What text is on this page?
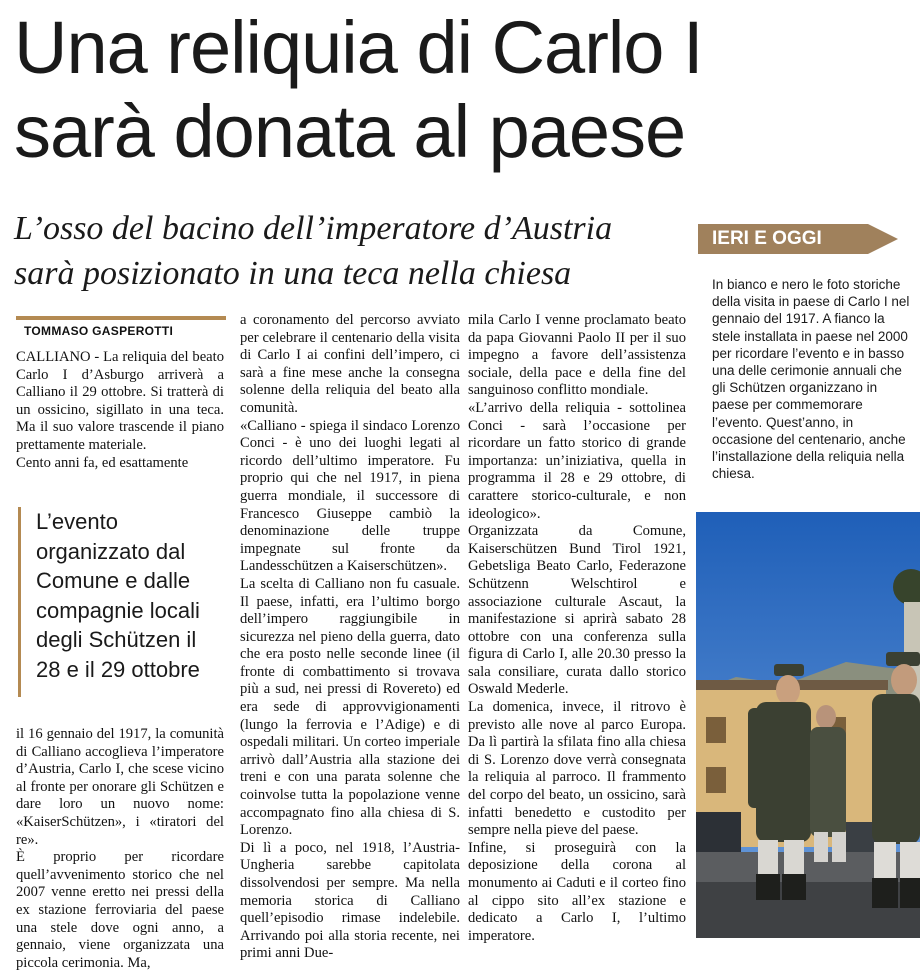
Una reliquia di Carlo I
sarà donata al paese
L’osso del bacino dell’imperatore d’Austria
sarà posizionato in una teca nella chiesa
TOMMASO GASPEROTTI

CALLIANO - La reliquia del beato Carlo I d’Asburgo arriverà a Calliano il 29 ottobre. Si tratterà di un ossicino, sigillato in una teca. Ma il suo valore trascende il piano prettamente materiale.

Cento anni fa, ed esattamente

L’evento organizzato dal Comune e dalle compagnie locali degli Schützen il 28 e il 29 ottobre

il 16 gennaio del 1917, la comunità di Calliano accoglieva l’imperatore d’Austria, Carlo I, che scese vicino al fronte per onorare gli Schützen e dare loro un nuovo nome: «KaiserSchützen», i «tiratori del re».

È proprio per ricordare quell’avvenimento storico che nel 2007 venne eretto nei pressi della ex stazione ferroviaria del paese una stele dove ogni anno, a gennaio, viene organizzata una piccola cerimonia. Ma,

a coronamento del percorso avviato per celebrare il centenario della visita di Carlo I ai confini dell’impero, ci sarà a fine mese anche la consegna solenne della reliquia del beato alla comunità.

«Calliano - spiega il sindaco Lorenzo Conci - è uno dei luoghi legati al ricordo dell’ultimo imperatore. Fu proprio qui che nel 1917, in piena guerra mondiale, il successore di Francesco Giuseppe cambiò la denominazione delle truppe impegnate sul fronte da Landesschützen a Kaiserschützen».

La scelta di Calliano non fu casuale. Il paese, infatti, era l’ultimo borgo dell’impero raggiungibile in sicurezza nel pieno della guerra, dato che era posto nelle seconde linee (il fronte di combattimento si trovava più a sud, nei pressi di Rovereto) ed era sede di approvvigionamenti (lungo la ferrovia e l’Adige) e di ospedali militari. Un corteo imperiale arrivò dall’Austria alla stazione dei treni e con una parata solenne che coinvolse tutta la popolazione venne accompagnato fino alla chiesa di S. Lorenzo.

Di lì a poco, nel 1918, l’Austria-Ungheria sarebbe capitolata dissolvendosi per sempre. Ma nella memoria storica di Calliano quell’episodio rimase indelebile. Arrivando poi alla storia recente, nei primi anni Due-

mila Carlo I venne proclamato beato da papa Giovanni Paolo II per il suo impegno a favore dell’assistenza sociale, della pace e della fine del sanguinoso conflitto mondiale.

«L’arrivo della reliquia - sottolinea Conci - sarà l’occasione per ricordare un fatto storico di grande importanza: un’iniziativa, quella in programma il 28 e 29 ottobre, di carattere storico-culturale, e non ideologico».

Organizzata da Comune, Kaiserschützen Bund Tirol 1921, Gebetsliga Beato Carlo, Federazone Schützenn Welschtirol e associazione culturale Ascaut, la manifestazione si aprirà sabato 28 ottobre con una conferenza sulla figura di Carlo I, alle 20.30 presso la sala consiliare, curata dallo storico Oswald Mederle.

La domenica, invece, il ritrovo è previsto alle nove al parco Europa. Da lì partirà la sfilata fino alla chiesa di S. Lorenzo dove verrà consegnata la reliquia al parroco. Il frammento del corpo del beato, un ossicino, sarà infatti benedetto e custodito per sempre nella pieve del paese.

Infine, si proseguirà con la deposizione della corona al monumento ai Caduti e il corteo fino al cippo sito all’ex stazione e dedicato a Carlo I, l’ultimo imperatore.

IERI E OGGI

In bianco e nero le foto storiche della visita in paese di Carlo I nel gennaio del 1917. A fianco la stele installata in paese nel 2000 per ricordare l’evento e in basso una delle cerimonie annuali che gli Schützen organizzano in paese per commemorare l’evento. Quest’anno, in occasione del centenario, anche l’installazione della reliquia nella chiesa.
